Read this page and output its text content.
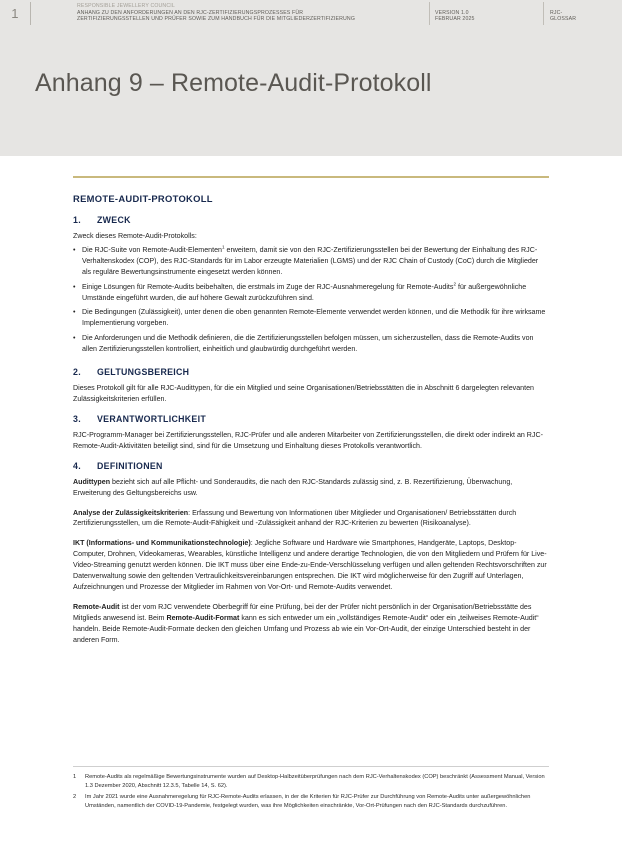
1	RESPONSIBLE JEWELLERY COUNCIL
ANHANG ZU DEN ANFORDERUNGEN AN DEN RJC-ZERTIFIZIERUNGSPROZESSES FÜR
ZERTIFIZIERUNGSSTELLEN UND PRÜFER SOWIE ZUM HANDBUCH FÜR DIE MITGLIEDERZERTIFIZIERUNG
VERSION 1.0
FEBRUAR 2025
RJC-
GLOSSAR
Anhang 9 – Remote-Audit-Protokoll
REMOTE-AUDIT-PROTOKOLL
1.	ZWECK

Zweck dieses Remote-Audit-Protokolls:

• Die RJC-Suite von Remote-Audit-Elementen$^1$ erweitern, damit sie von den RJC-Zertifizierungsstellen bei der Bewertung der Einhaltung des RJC-Verhaltenskodex (COP), des RJC-Standards für im Labor erzeugte Materialien (LGMS) und der RJC Chain of Custody (CoC) durch die Mitglieder als reguläre Bewertungsinstrumente eingesetzt werden können.
• Einige Lösungen für Remote-Audits beibehalten, die erstmals im Zuge der RJC-Ausnahmeregelung für Remote-Audits$^2$ für außergewöhnliche Umstände eingeführt wurden, die auf höhere Gewalt zurückzuführen sind.
• Die Bedingungen (Zulässigkeit), unter denen die oben genannten Remote-Elemente verwendet werden können, und die Methodik für ihre wirksame Implementierung vorgeben.
• Die Anforderungen und die Methodik definieren, die die Zertifizierungsstellen befolgen müssen, um sicherzustellen, dass die Remote-Audits von allen Zertifizierungsstellen kontrolliert, einheitlich und glaubwürdig durchgeführt werden.
2.	GELTUNGSBEREICH

Dieses Protokoll gilt für alle RJC-Audittypen, für die ein Mitglied und seine Organisationen/Betriebsstätten die in Abschnitt 6 dargelegten relevanten Zulässigkeitskriterien erfüllen.

3.	VERANTWORTLICHKEIT

RJC-Programm-Manager bei Zertifizierungsstellen, RJC-Prüfer und alle anderen Mitarbeiter von Zertifizierungsstellen, die direkt oder indirekt an RJC-Remote-Audit-Aktivitäten beteiligt sind, sind für die Umsetzung und Einhaltung dieses Protokolls verantwortlich.

4.	DEFINITIONEN

Audittypen bezieht sich auf alle Pflicht- und Sonderaudits, die nach den RJC-Standards zulässig sind, z. B. Rezertifizierung, Überwachung, Erweiterung des Geltungsbereichs usw.

Analyse der Zulässigkeitskriterien: Erfassung und Bewertung von Informationen über Mitglieder und Organisationen/ Betriebsstätten durch Zertifizierungsstellen, um die Remote-Audit-Fähigkeit und -Zulässigkeit anhand der RJC-Kriterien zu bewerten (Risikoanalyse).

IKT (Informations- und Kommunikationstechnologie): Jegliche Software und Hardware wie Smartphones, Handgeräte, Laptops, Desktop-Computer, Drohnen, Videokameras, Wearables, künstliche Intelligenz und andere derartige Technologien, die von den Mitgliedern und Prüfern für Live-Video-Streaming genutzt werden können. Die IKT muss über eine Ende-zu-Ende-Verschlüsselung verfügen und allen geltenden Rechtsvorschriften zur Datenverwaltung sowie den geltenden Vertraulichkeitsvereinbarungen entsprechen. Die IKT wird möglicherweise für den Zugriff auf Unterlagen, Aufzeichnungen und Prozesse der Mitglieder im Rahmen von Vor-Ort- und Remote-Audits verwendet.

Remote-Audit ist der vom RJC verwendete Oberbegriff für eine Prüfung, bei der der Prüfer nicht persönlich in der Organisation/Betriebsstätte des Mitglieds anwesend ist. Beim Remote-Audit-Format kann es sich entweder um ein „vollständiges Remote-Audit“ oder ein „teilweises Remote-Audit“ handeln. Beide Remote-Audit-Formate decken den gleichen Umfang und Prozess ab wie ein Vor-Ort-Audit, der einzige Unterschied besteht in der anderen Form.

1	Remote-Audits als regelmäßige Bewertungsinstrumente wurden auf Desktop-Halbzeitüberprüfungen nach dem RJC-Verhaltenskodex (COP) beschränkt (Assessment Manual, Version 1.3 Dezember 2020, Abschnitt 12.3.5, Tabelle 14, S. 62).
2	Im Jahr 2021 wurde eine Ausnahmeregelung für RJC-Remote-Audits erlassen, in der die Kriterien für RJC-Prüfer zur Durchführung von Remote-Audits unter außergewöhnlichen Umständen, namentlich der COVID-19-Pandemie, festgelegt wurden, was ihre Möglichkeiten einschränkte, Vor-Ort-Prüfungen nach den RJC-Standards durchzuführen.
